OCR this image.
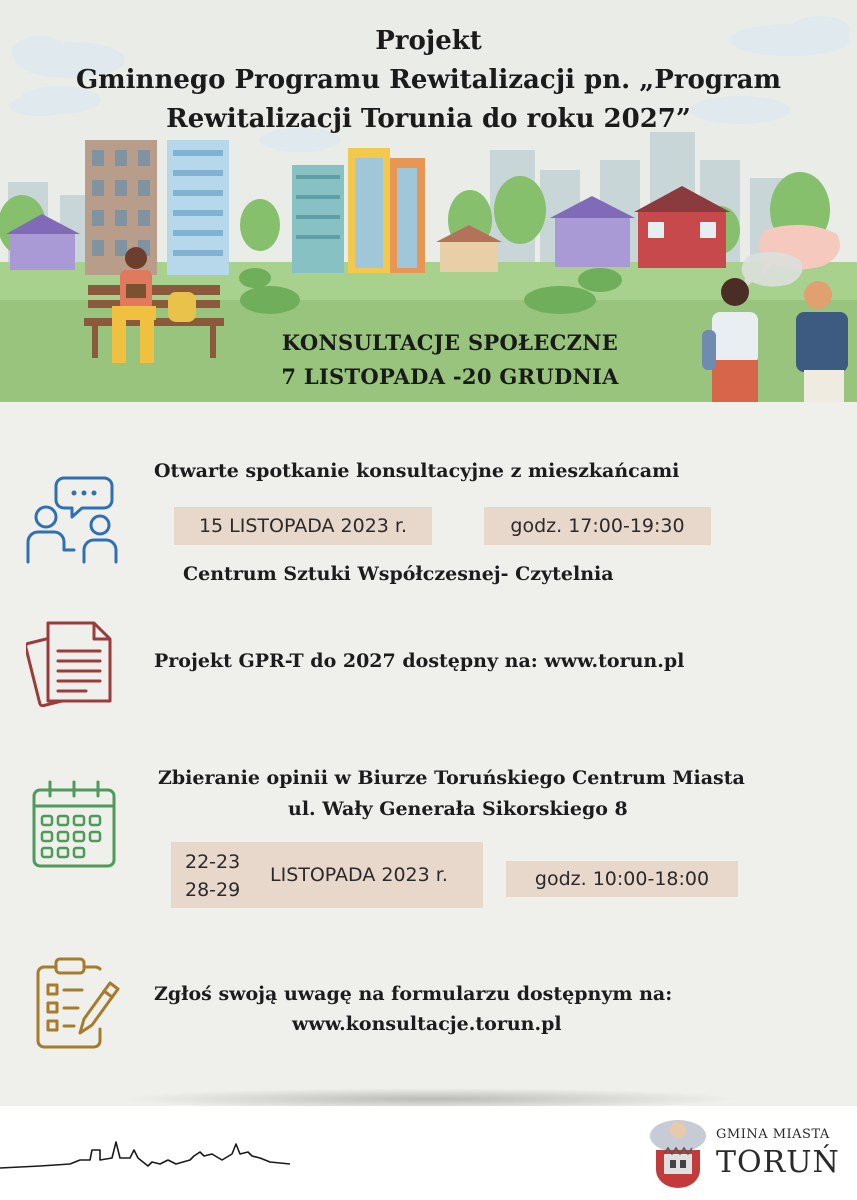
Projekt
Gminnego Programu Rewitalizacji pn. „Program
Rewitalizacji Torunia do roku 2027”
KONSULTACJE SPOŁECZNE
7 LISTOPADA -20 GRUDNIA
Otwarte spotkanie konsultacyjne z mieszkańcami
15 LISTOPADA 2023 r.	godz. 17:00-19:30
Centrum Sztuki Współczesnej- Czytelnia
Projekt GPR-T do 2027 dostępny na: www.torun.pl
Zbieranie opinii w Biurze Toruńskiego Centrum Miasta
ul. Wały Generała Sikorskiego 8
22-23
28-29
LISTOPADA 2023 r.	godz. 10:00-18:00
Zgłoś swoją uwagę na formularzu dostępnym na:
www.konsultacje.torun.pl
GMINA MIASTA
TORUŃ
